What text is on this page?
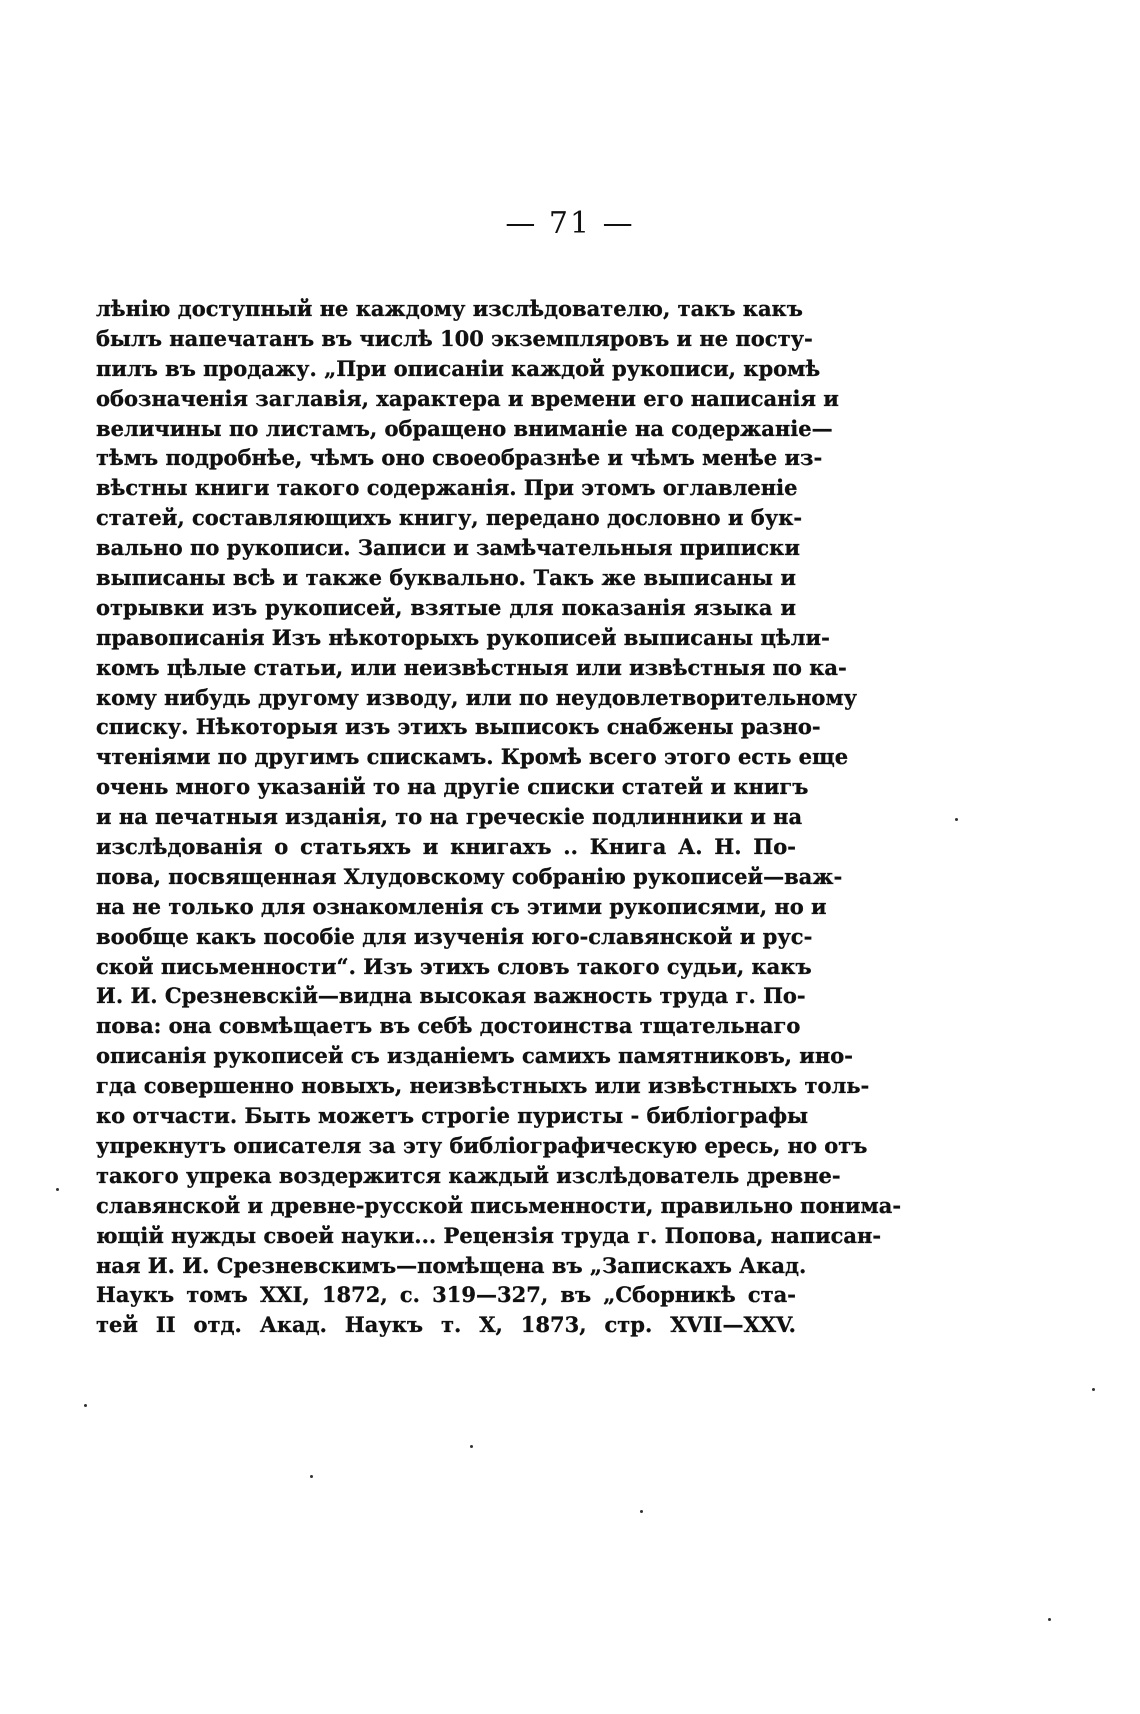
— 71 —
лѣнію доступный не каждому изслѣдователю, такъ какъ
былъ напечатанъ въ числѣ 100 экземпляровъ и не посту-
пилъ въ продажу. „При описаніи каждой рукописи, кромѣ
обозначенія заглавія, характера и времени его написанія и
величины по листамъ, обращено вниманіе на содержаніе—
тѣмъ подробнѣе, чѣмъ оно своеобразнѣе и чѣмъ менѣе из-
вѣстны книги такого содержанія. При этомъ оглавленіе
статей, составляющихъ книгу, передано дословно и бук-
вально по рукописи. Записи и замѣчательныя приписки
выписаны всѣ и также буквально. Такъ же выписаны и
отрывки изъ рукописей, взятые для показанія языка и
правописанія Изъ нѣкоторыхъ рукописей выписаны цѣли-
комъ цѣлые статьи, или неизвѣстныя или извѣстныя по ка-
кому нибудь другому изводу, или по неудовлетворительному
списку. Нѣкоторыя изъ этихъ выписокъ снабжены разно-
чтеніями по другимъ спискамъ. Кромѣ всего этого есть еще
очень много указаній то на другіе списки статей и книгъ
и на печатныя изданія, то на греческіе подлинники и на
изслѣдованія о статьяхъ и книгахъ .. Книга А. Н. По-
пова, посвященная Хлудовскому собранію рукописей—важ-
на не только для ознакомленія съ этими рукописями, но и
вообще какъ пособіе для изученія юго-славянской и рус-
ской письменности“. Изъ этихъ словъ такого судьи, какъ
И. И. Срезневскій—видна высокая важность труда г. По-
пова: она совмѣщаетъ въ себѣ достоинства тщательнаго
описанія рукописей съ изданіемъ самихъ памятниковъ, ино-
гда совершенно новыхъ, неизвѣстныхъ или извѣстныхъ толь-
ко отчасти. Быть можетъ строгіе пуристы - библіографы
упрекнутъ описателя за эту библіографическую ересь, но отъ
такого упрека воздержится каждый изслѣдователь древне-
славянской и древне-русской письменности, правильно понима-
ющій нужды своей науки... Рецензія труда г. Попова, написан-
ная И. И. Срезневскимъ—помѣщена въ „Запискахъ Акад.
Наукъ томъ XXI, 1872, с. 319—327, въ „Сборникѣ ста-
тей II отд. Акад. Наукъ т. X, 1873, стр. XVII—XXV.
